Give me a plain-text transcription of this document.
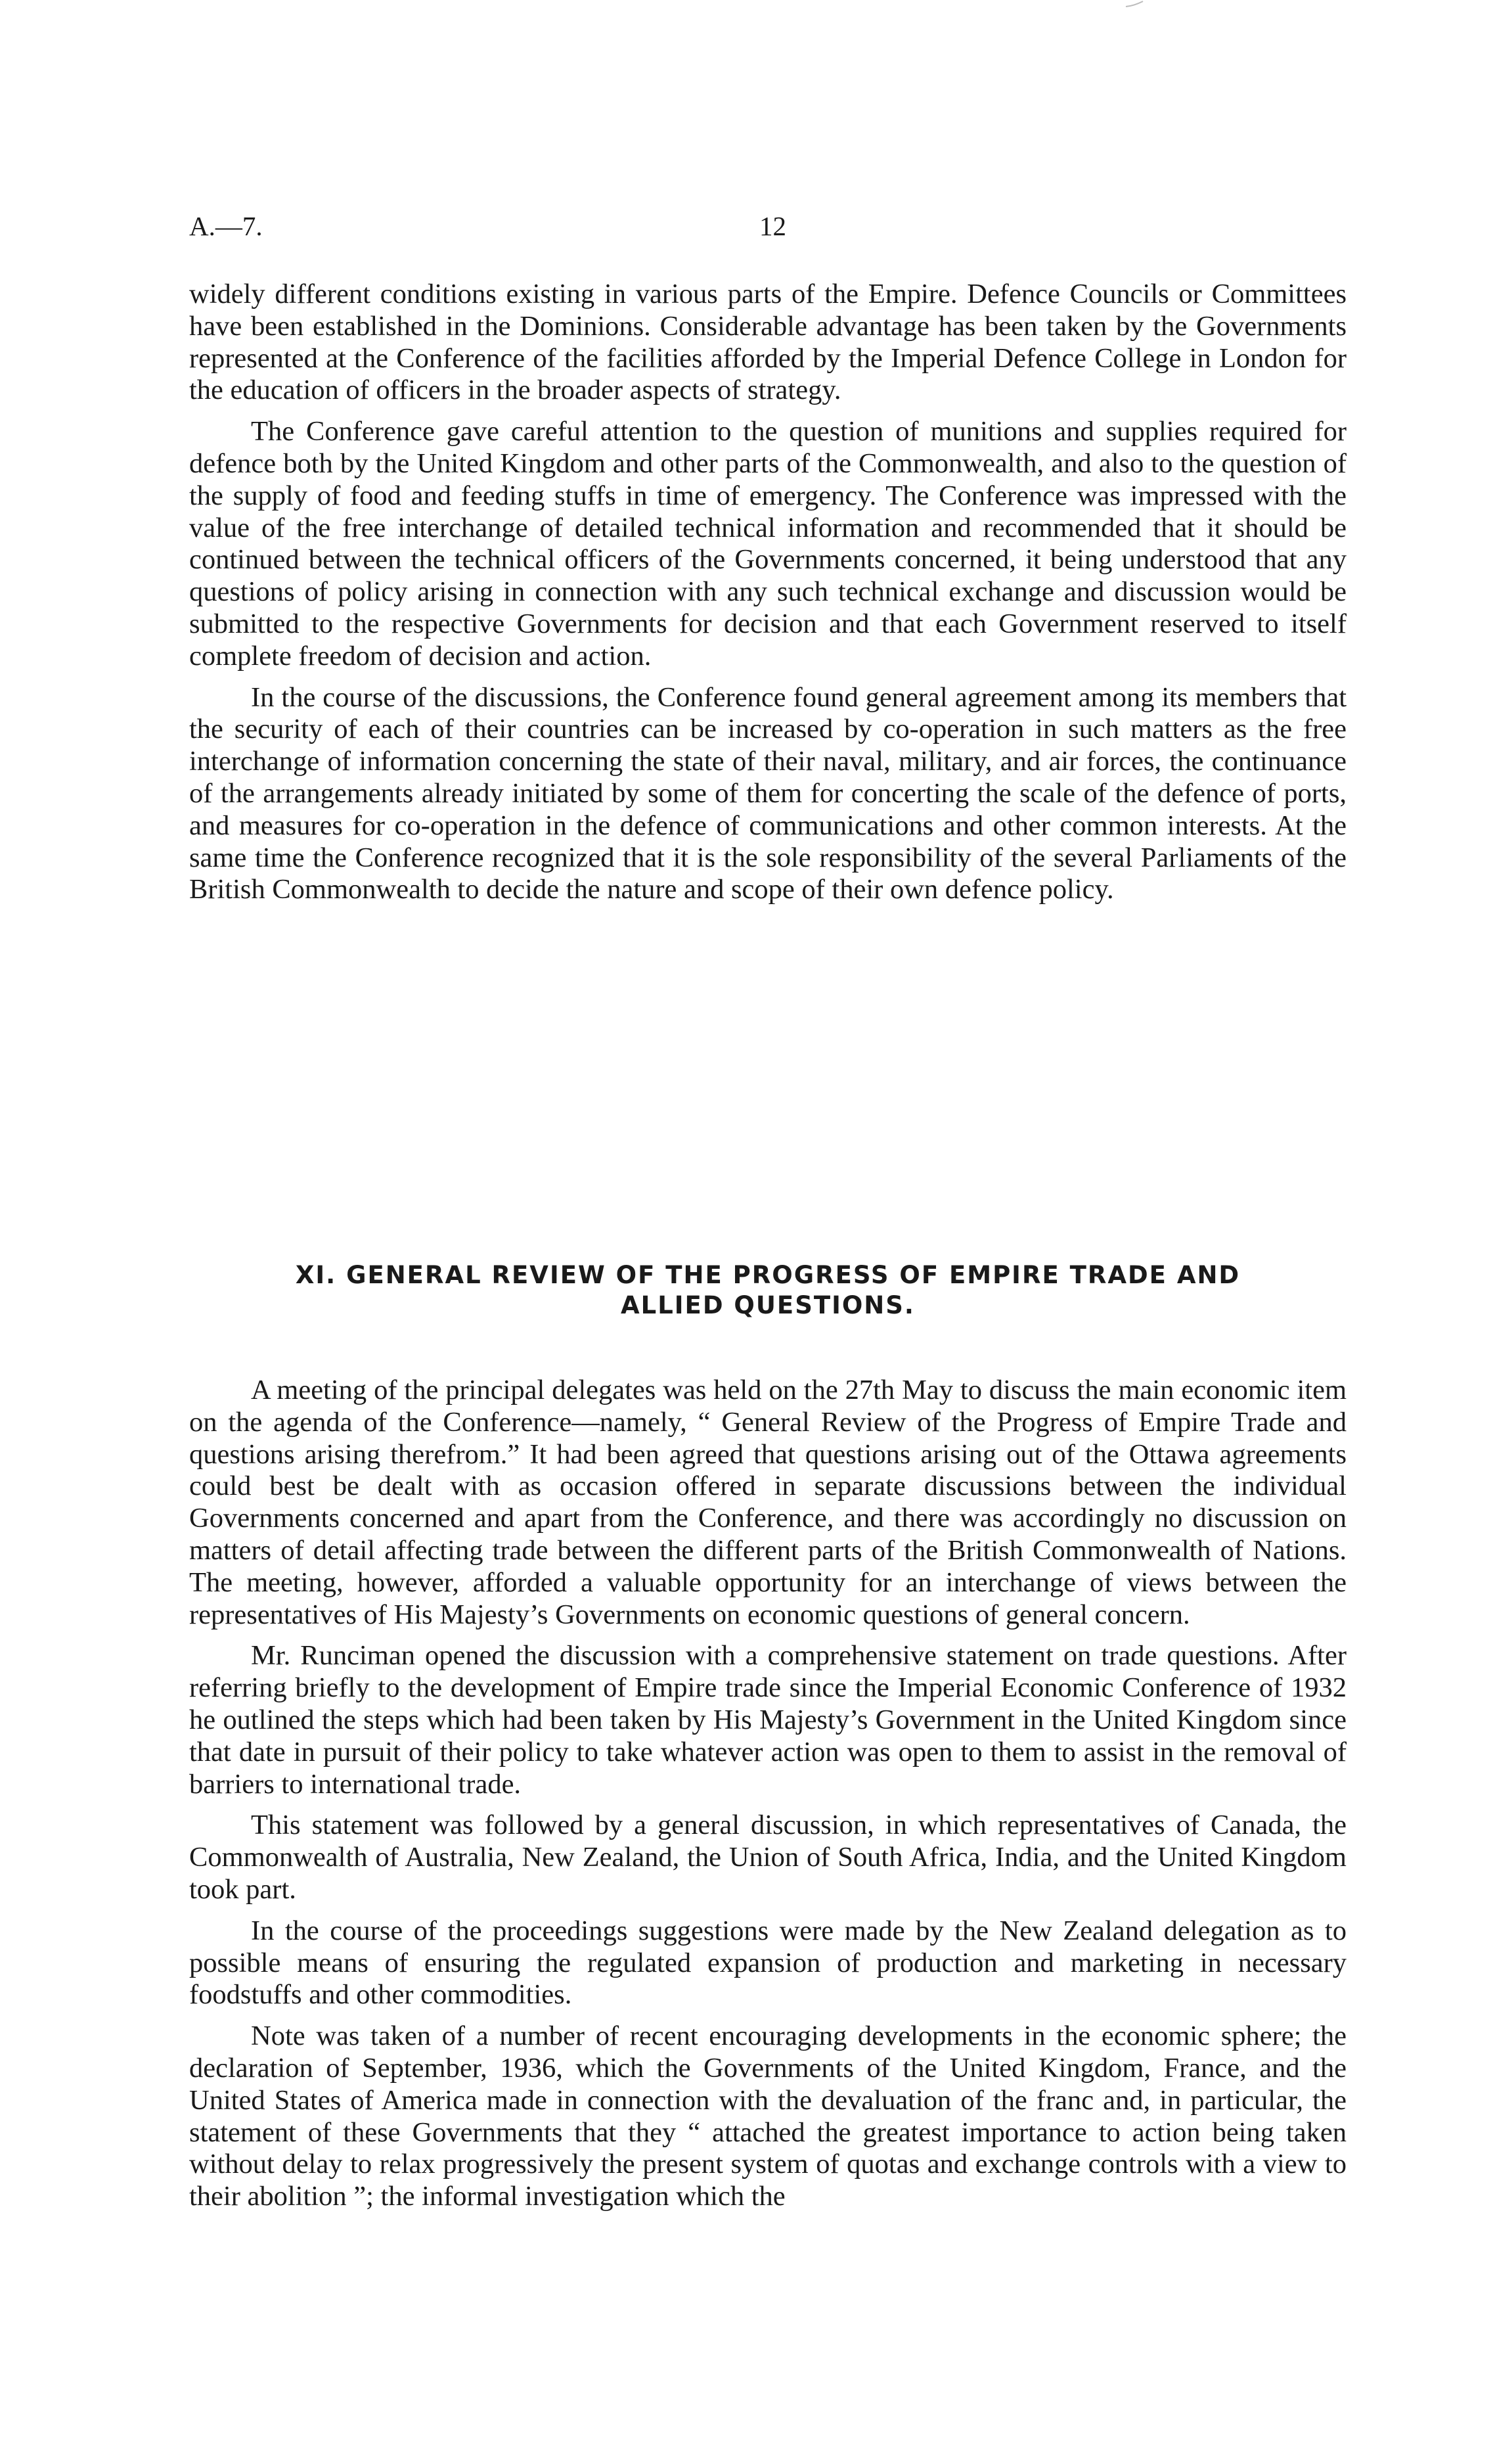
A.—7.	12

widely different conditions existing in various parts of the Empire. Defence Councils or Committees have been established in the Dominions. Considerable advantage has been taken by the Governments represented at the Conference of the facilities afforded by the Imperial Defence College in London for the education of officers in the broader aspects of strategy.

The Conference gave careful attention to the question of munitions and supplies required for defence both by the United Kingdom and other parts of the Commonwealth, and also to the question of the supply of food and feeding stuffs in time of emergency. The Conference was impressed with the value of the free interchange of detailed technical information and recommended that it should be continued between the technical officers of the Governments concerned, it being understood that any questions of policy arising in connection with any such technical exchange and discussion would be submitted to the respective Governments for decision and that each Government reserved to itself complete freedom of decision and action.

In the course of the discussions, the Conference found general agreement among its members that the security of each of their countries can be increased by co-operation in such matters as the free interchange of information concerning the state of their naval, military, and air forces, the continuance of the arrangements already initiated by some of them for concerting the scale of the defence of ports, and measures for co-operation in the defence of communications and other common interests. At the same time the Conference recognized that it is the sole responsibility of the several Parliaments of the British Commonwealth to decide the nature and scope of their own defence policy.

XI. GENERAL REVIEW OF THE PROGRESS OF EMPIRE TRADE AND
ALLIED QUESTIONS.

A meeting of the principal delegates was held on the 27th May to discuss the main economic item on the agenda of the Conference—namely, “ General Review of the Progress of Empire Trade and questions arising therefrom.” It had been agreed that questions arising out of the Ottawa agreements could best be dealt with as occasion offered in separate discussions between the individual Governments concerned and apart from the Conference, and there was accordingly no discussion on matters of detail affecting trade between the different parts of the British Commonwealth of Nations. The meeting, however, afforded a valuable opportunity for an interchange of views between the representatives of His Majesty’s Governments on economic questions of general concern.

Mr. Runciman opened the discussion with a comprehensive statement on trade questions. After referring briefly to the development of Empire trade since the Imperial Economic Conference of 1932 he outlined the steps which had been taken by His Majesty’s Government in the United Kingdom since that date in pursuit of their policy to take whatever action was open to them to assist in the removal of barriers to international trade.

This statement was followed by a general discussion, in which representatives of Canada, the Commonwealth of Australia, New Zealand, the Union of South Africa, India, and the United Kingdom took part.

In the course of the proceedings suggestions were made by the New Zealand delegation as to possible means of ensuring the regulated expansion of production and marketing in necessary foodstuffs and other commodities.

Note was taken of a number of recent encouraging developments in the economic sphere; the declaration of September, 1936, which the Governments of the United Kingdom, France, and the United States of America made in connection with the devaluation of the franc and, in particular, the statement of these Governments that they “ attached the greatest importance to action being taken without delay to relax progressively the present system of quotas and exchange controls with a view to their abolition ”; the informal investigation which the
